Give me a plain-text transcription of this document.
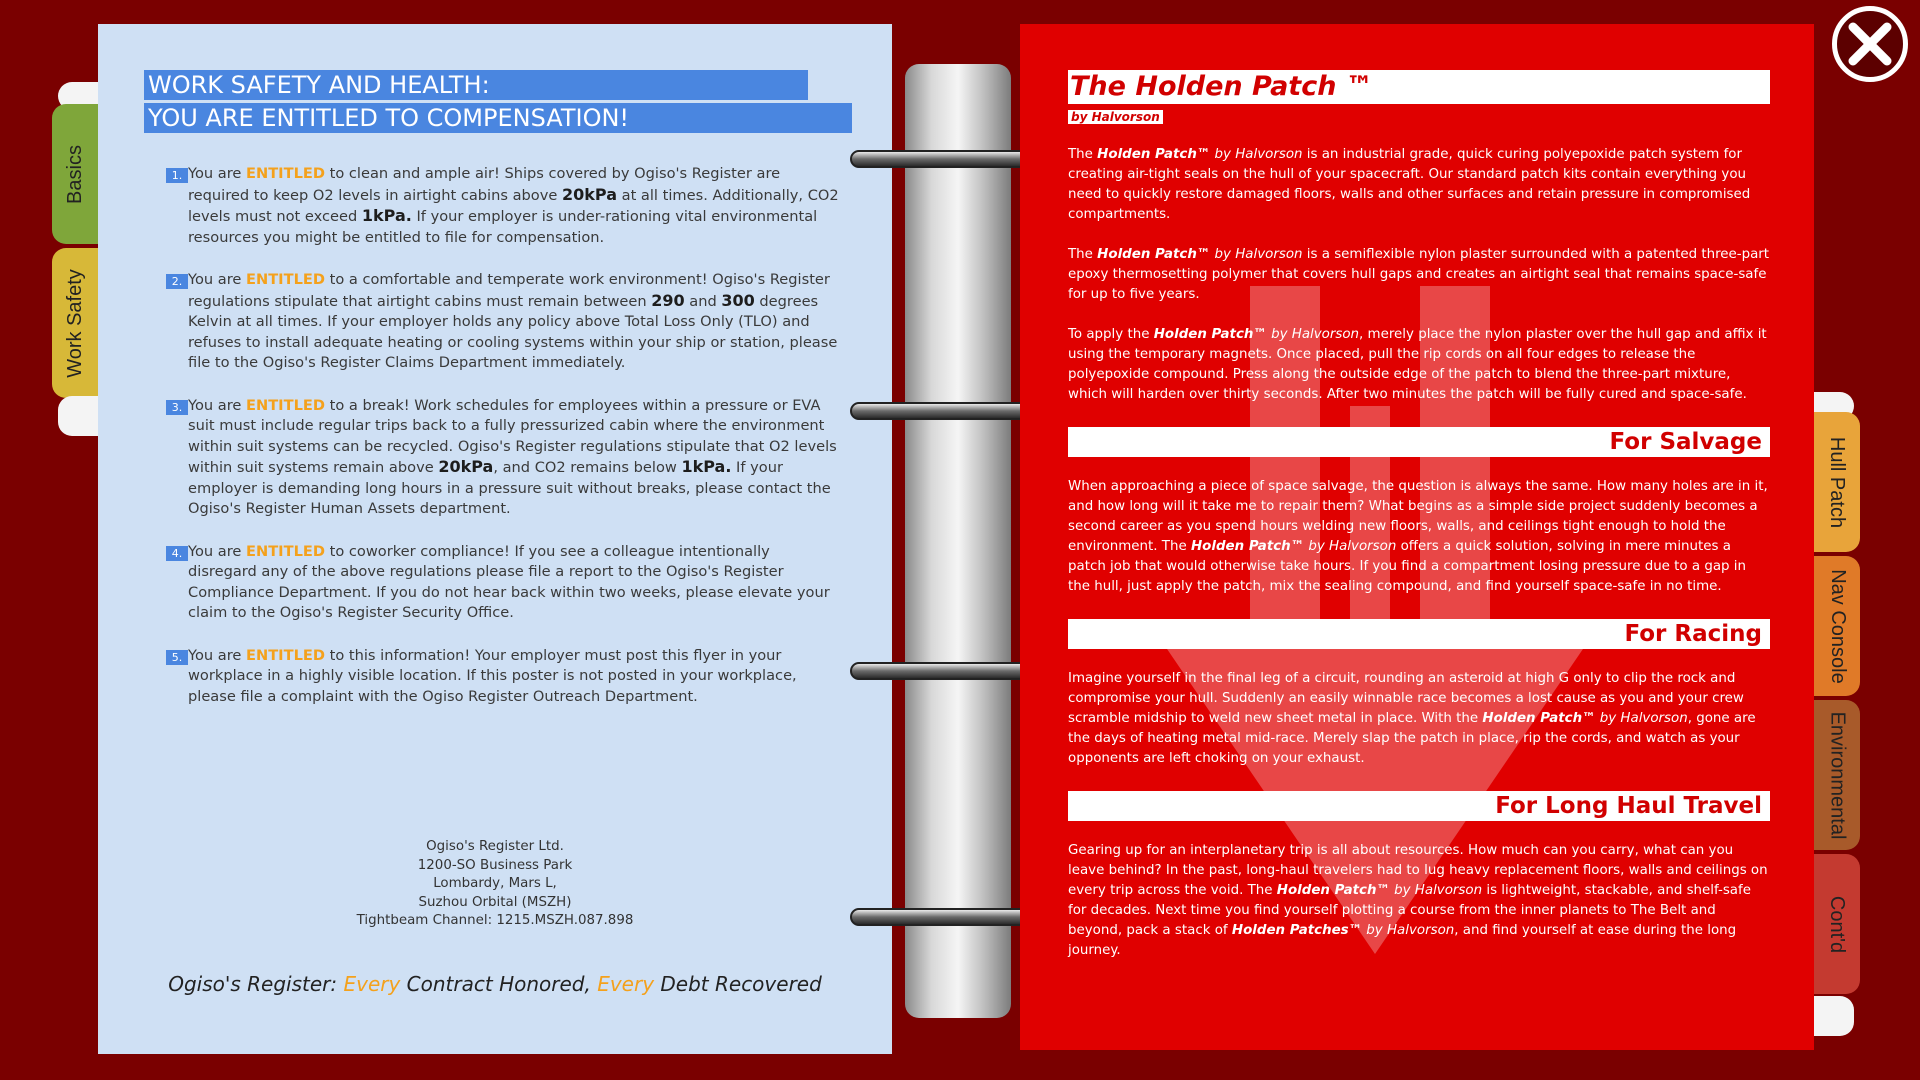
Basics
Work Safety
WORK SAFETY AND HEALTH: YOU ARE ENTITLED TO COMPENSATION!
1. You are ENTITLED to clean and ample air! Ships covered by Ogiso's Register are required to keep O2 levels in airtight cabins above 20kPa at all times. Additionally, CO2 levels must not exceed 1kPa. If your employer is under-rationing vital environmental resources you might be entitled to file for compensation.
2. You are ENTITLED to a comfortable and temperate work environment! Ogiso's Register regulations stipulate that airtight cabins must remain between 290 and 300 degrees Kelvin at all times. If your employer holds any policy above Total Loss Only (TLO) and refuses to install adequate heating or cooling systems within your ship or station, please file to the Ogiso's Register Claims Department immediately.
3. You are ENTITLED to a break! Work schedules for employees within a pressure or EVA suit must include regular trips back to a fully pressurized cabin where the environment within suit systems can be recycled. Ogiso's Register regulations stipulate that O2 levels within suit systems remain above 20kPa, and CO2 remains below 1kPa. If your employer is demanding long hours in a pressure suit without breaks, please contact the Ogiso's Register Human Assets department.
4. You are ENTITLED to coworker compliance! If you see a colleague intentionally disregard any of the above regulations please file a report to the Ogiso's Register Compliance Department. If you do not hear back within two weeks, please elevate your claim to the Ogiso's Register Security Office.
5. You are ENTITLED to this information! Your employer must post this flyer in your workplace in a highly visible location. If this poster is not posted in your workplace, please file a complaint with the Ogiso Register Outreach Department.
Ogiso's Register Ltd.
1200-SO Business Park
Lombardy, Mars L,
Suzhou Orbital (MSZH)
Tightbeam Channel: 1215.MSZH.087.898
Ogiso's Register: Every Contract Honored, Every Debt Recovered
The Holden Patch ™
by Halvorson
The Holden Patch™ by Halvorson is an industrial grade, quick curing polyepoxide patch system for creating air-tight seals on the hull of your spacecraft. Our standard patch kits contain everything you need to quickly restore damaged floors, walls and other surfaces and retain pressure in compromised compartments.
The Holden Patch™ by Halvorson is a semiflexible nylon plaster surrounded with a patented three-part epoxy thermosetting polymer that covers hull gaps and creates an airtight seal that remains space-safe for up to five years.
To apply the Holden Patch™ by Halvorson, merely place the nylon plaster over the hull gap and affix it using the temporary magnets. Once placed, pull the rip cords on all four edges to release the polyepoxide compound. Press along the outside edge of the patch to blend the three-part mixture, which will harden over thirty seconds. After two minutes the patch will be fully cured and space-safe.
For Salvage
When approaching a piece of space salvage, the question is always the same. How many holes are in it, and how long will it take me to repair them? What begins as a simple side project suddenly becomes a second career as you spend hours welding new floors, walls, and ceilings tight enough to hold the environment. The Holden Patch™ by Halvorson offers a quick solution, solving in mere minutes a patch job that would otherwise take hours. If you find a compartment losing pressure due to a gap in the hull, just apply the patch, mix the sealing compound, and find yourself space-safe in no time.
For Racing
Imagine yourself in the final leg of a circuit, rounding an asteroid at high G only to clip the rock and compromise your hull. Suddenly an easily winnable race becomes a lost cause as you and your crew scramble midship to weld new sheet metal in place. With the Holden Patch™ by Halvorson, gone are the days of heating metal mid-race. Merely slap the patch in place, rip the cords, and watch as your opponents are left choking on your exhaust.
For Long Haul Travel
Gearing up for an interplanetary trip is all about resources. How much can you carry, what can you leave behind? In the past, long-haul travelers had to lug heavy replacement floors, walls and ceilings on every trip across the void. The Holden Patch™ by Halvorson is lightweight, stackable, and shelf-safe for decades. Next time you find yourself plotting a course from the inner planets to The Belt and beyond, pack a stack of Holden Patches™ by Halvorson, and find yourself at ease during the long journey.
Hull Patch
Nav Console
Environmental
Cont'd
